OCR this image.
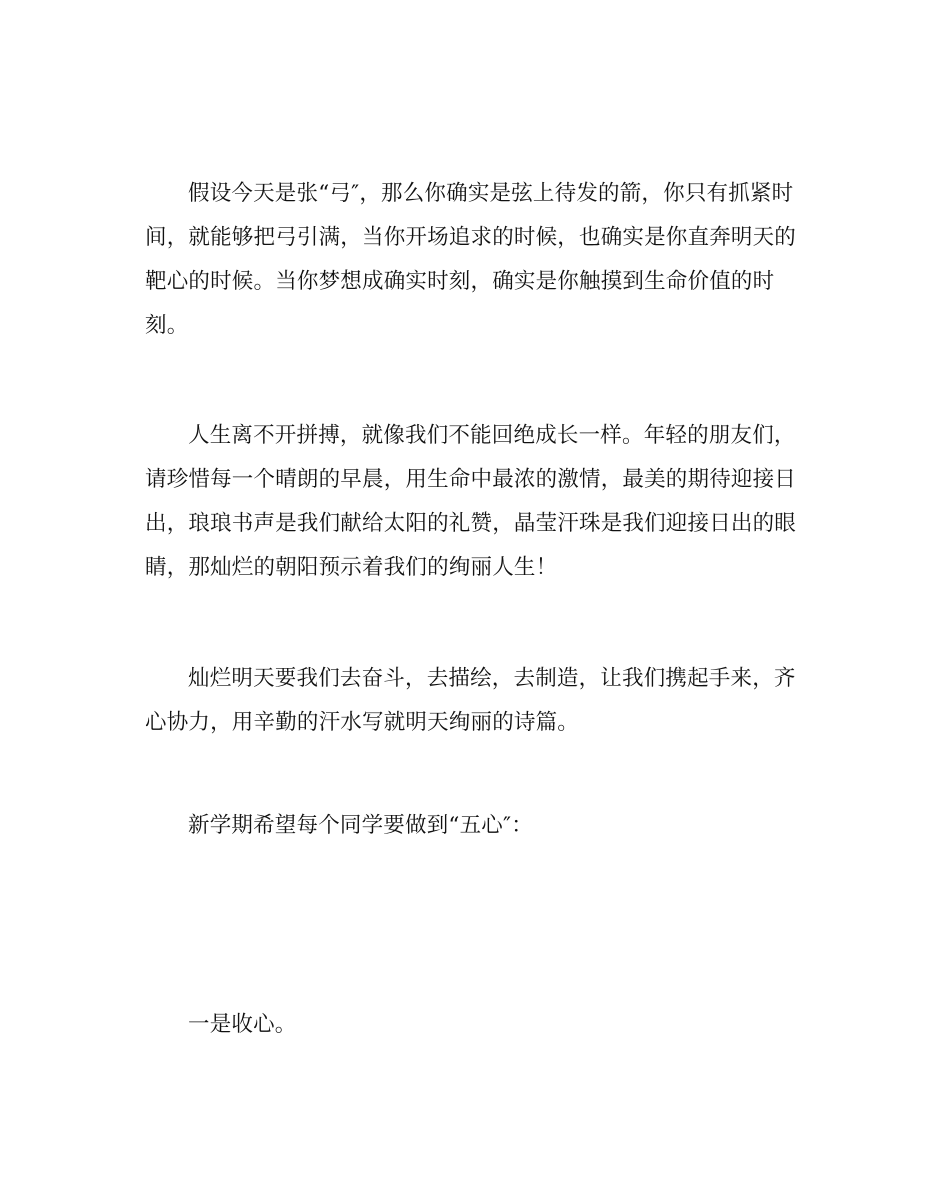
假设今天是张“弓″，那么你确实是弦上待发的箭，你只有抓紧时
间，就能够把弓引满，当你开场追求的时候，也确实是你直奔明天的
靶心的时候。当你梦想成确实时刻，确实是你触摸到生命价值的时
刻。

人生离不开拼搏，就像我们不能回绝成长一样。年轻的朋友们，
请珍惜每一个晴朗的早晨，用生命中最浓的激情，最美的期待迎接日
出，琅琅书声是我们献给太阳的礼赞，晶莹汗珠是我们迎接日出的眼
睛，那灿烂的朝阳预示着我们的绚丽人生！

灿烂明天要我们去奋斗，去描绘，去制造，让我们携起手来，齐
心协力，用辛勤的汗水写就明天绚丽的诗篇。

新学期希望每个同学要做到“五心″：

一是收心。
